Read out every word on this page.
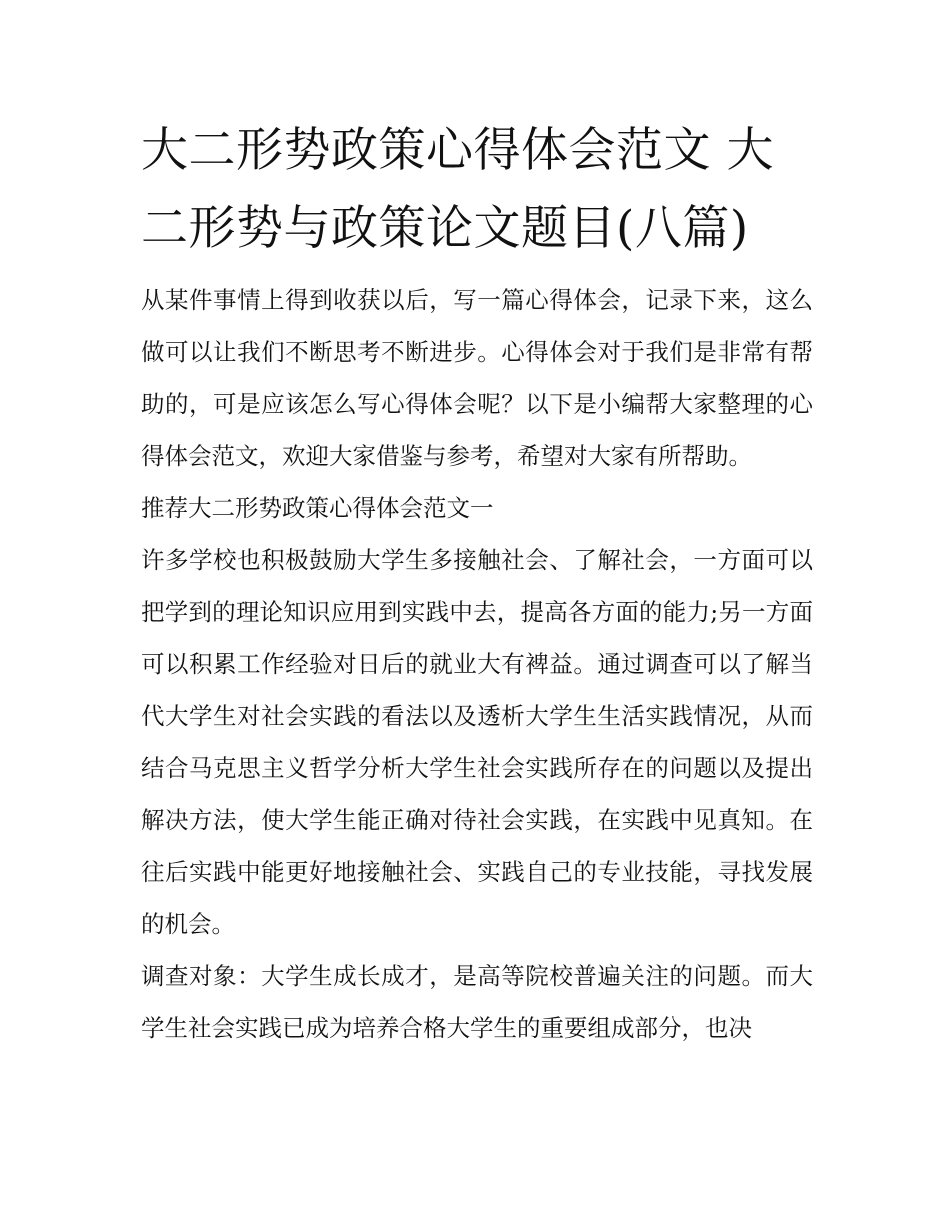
大二形势政策心得体会范文 大二形势与政策论文题目(八篇)

从某件事情上得到收获以后，写一篇心得体会，记录下来，这么做可以让我们不断思考不断进步。心得体会对于我们是非常有帮助的，可是应该怎么写心得体会呢？以下是小编帮大家整理的心得体会范文，欢迎大家借鉴与参考，希望对大家有所帮助。

推荐大二形势政策心得体会范文一

许多学校也积极鼓励大学生多接触社会、了解社会，一方面可以把学到的理论知识应用到实践中去，提高各方面的能力;另一方面可以积累工作经验对日后的就业大有裨益。通过调查可以了解当代大学生对社会实践的看法以及透析大学生生活实践情况，从而结合马克思主义哲学分析大学生社会实践所存在的问题以及提出解决方法，使大学生能正确对待社会实践，在实践中见真知。在往后实践中能更好地接触社会、实践自己的专业技能，寻找发展的机会。

调查对象：大学生成长成才，是高等院校普遍关注的问题。而大学生社会实践已成为培养合格大学生的重要组成部分，也决
